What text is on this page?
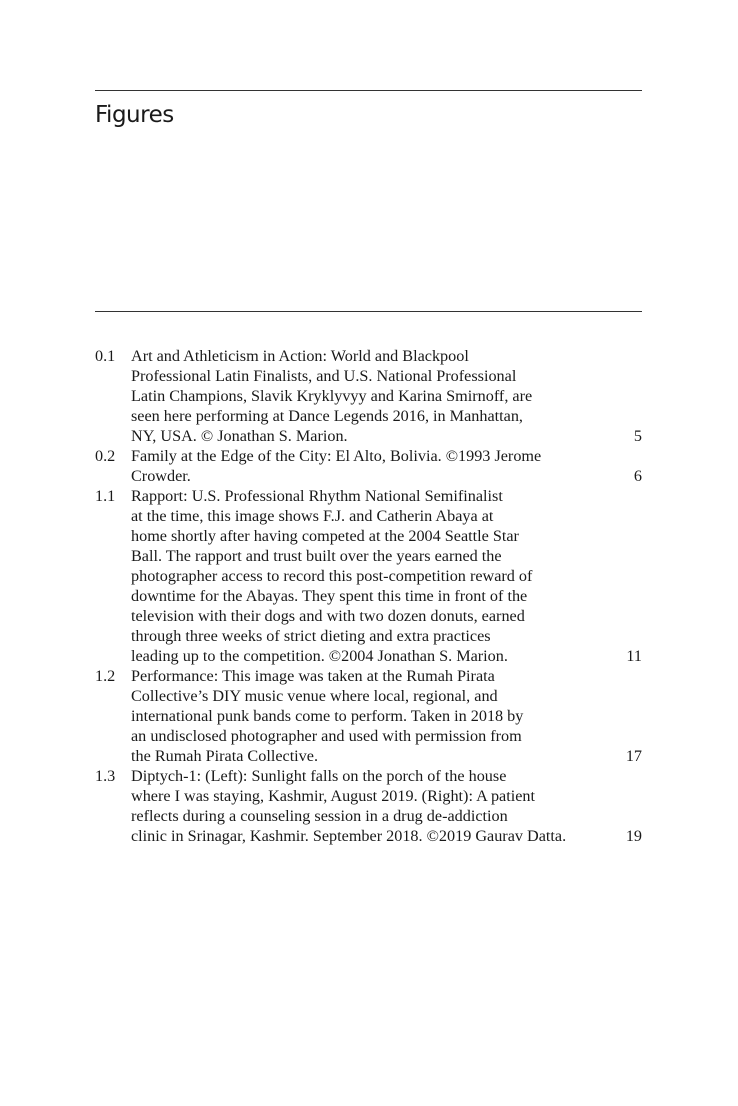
Figures
0.1 Art and Athleticism in Action: World and Blackpool
Professional Latin Finalists, and U.S. National Professional
Latin Champions, Slavik Kryklyvyy and Karina Smirnoff, are
seen here performing at Dance Legends 2016, in Manhattan,
NY, USA. © Jonathan S. Marion.	5
0.2 Family at the Edge of the City: El Alto, Bolivia. ©1993 Jerome
Crowder.	6
1.1 Rapport: U.S. Professional Rhythm National Semifinalist
at the time, this image shows F.J. and Catherin Abaya at
home shortly after having competed at the 2004 Seattle Star
Ball. The rapport and trust built over the years earned the
photographer access to record this post-competition reward of
downtime for the Abayas. They spent this time in front of the
television with their dogs and with two dozen donuts, earned
through three weeks of strict dieting and extra practices
leading up to the competition. ©2004 Jonathan S. Marion.	11
1.2 Performance: This image was taken at the Rumah Pirata
Collective’s DIY music venue where local, regional, and
international punk bands come to perform. Taken in 2018 by
an undisclosed photographer and used with permission from
the Rumah Pirata Collective.	17
1.3 Diptych-1: (Left): Sunlight falls on the porch of the house
where I was staying, Kashmir, August 2019. (Right): A patient
reflects during a counseling session in a drug de-addiction
clinic in Srinagar, Kashmir. September 2018. ©2019 Gaurav Datta.	19
